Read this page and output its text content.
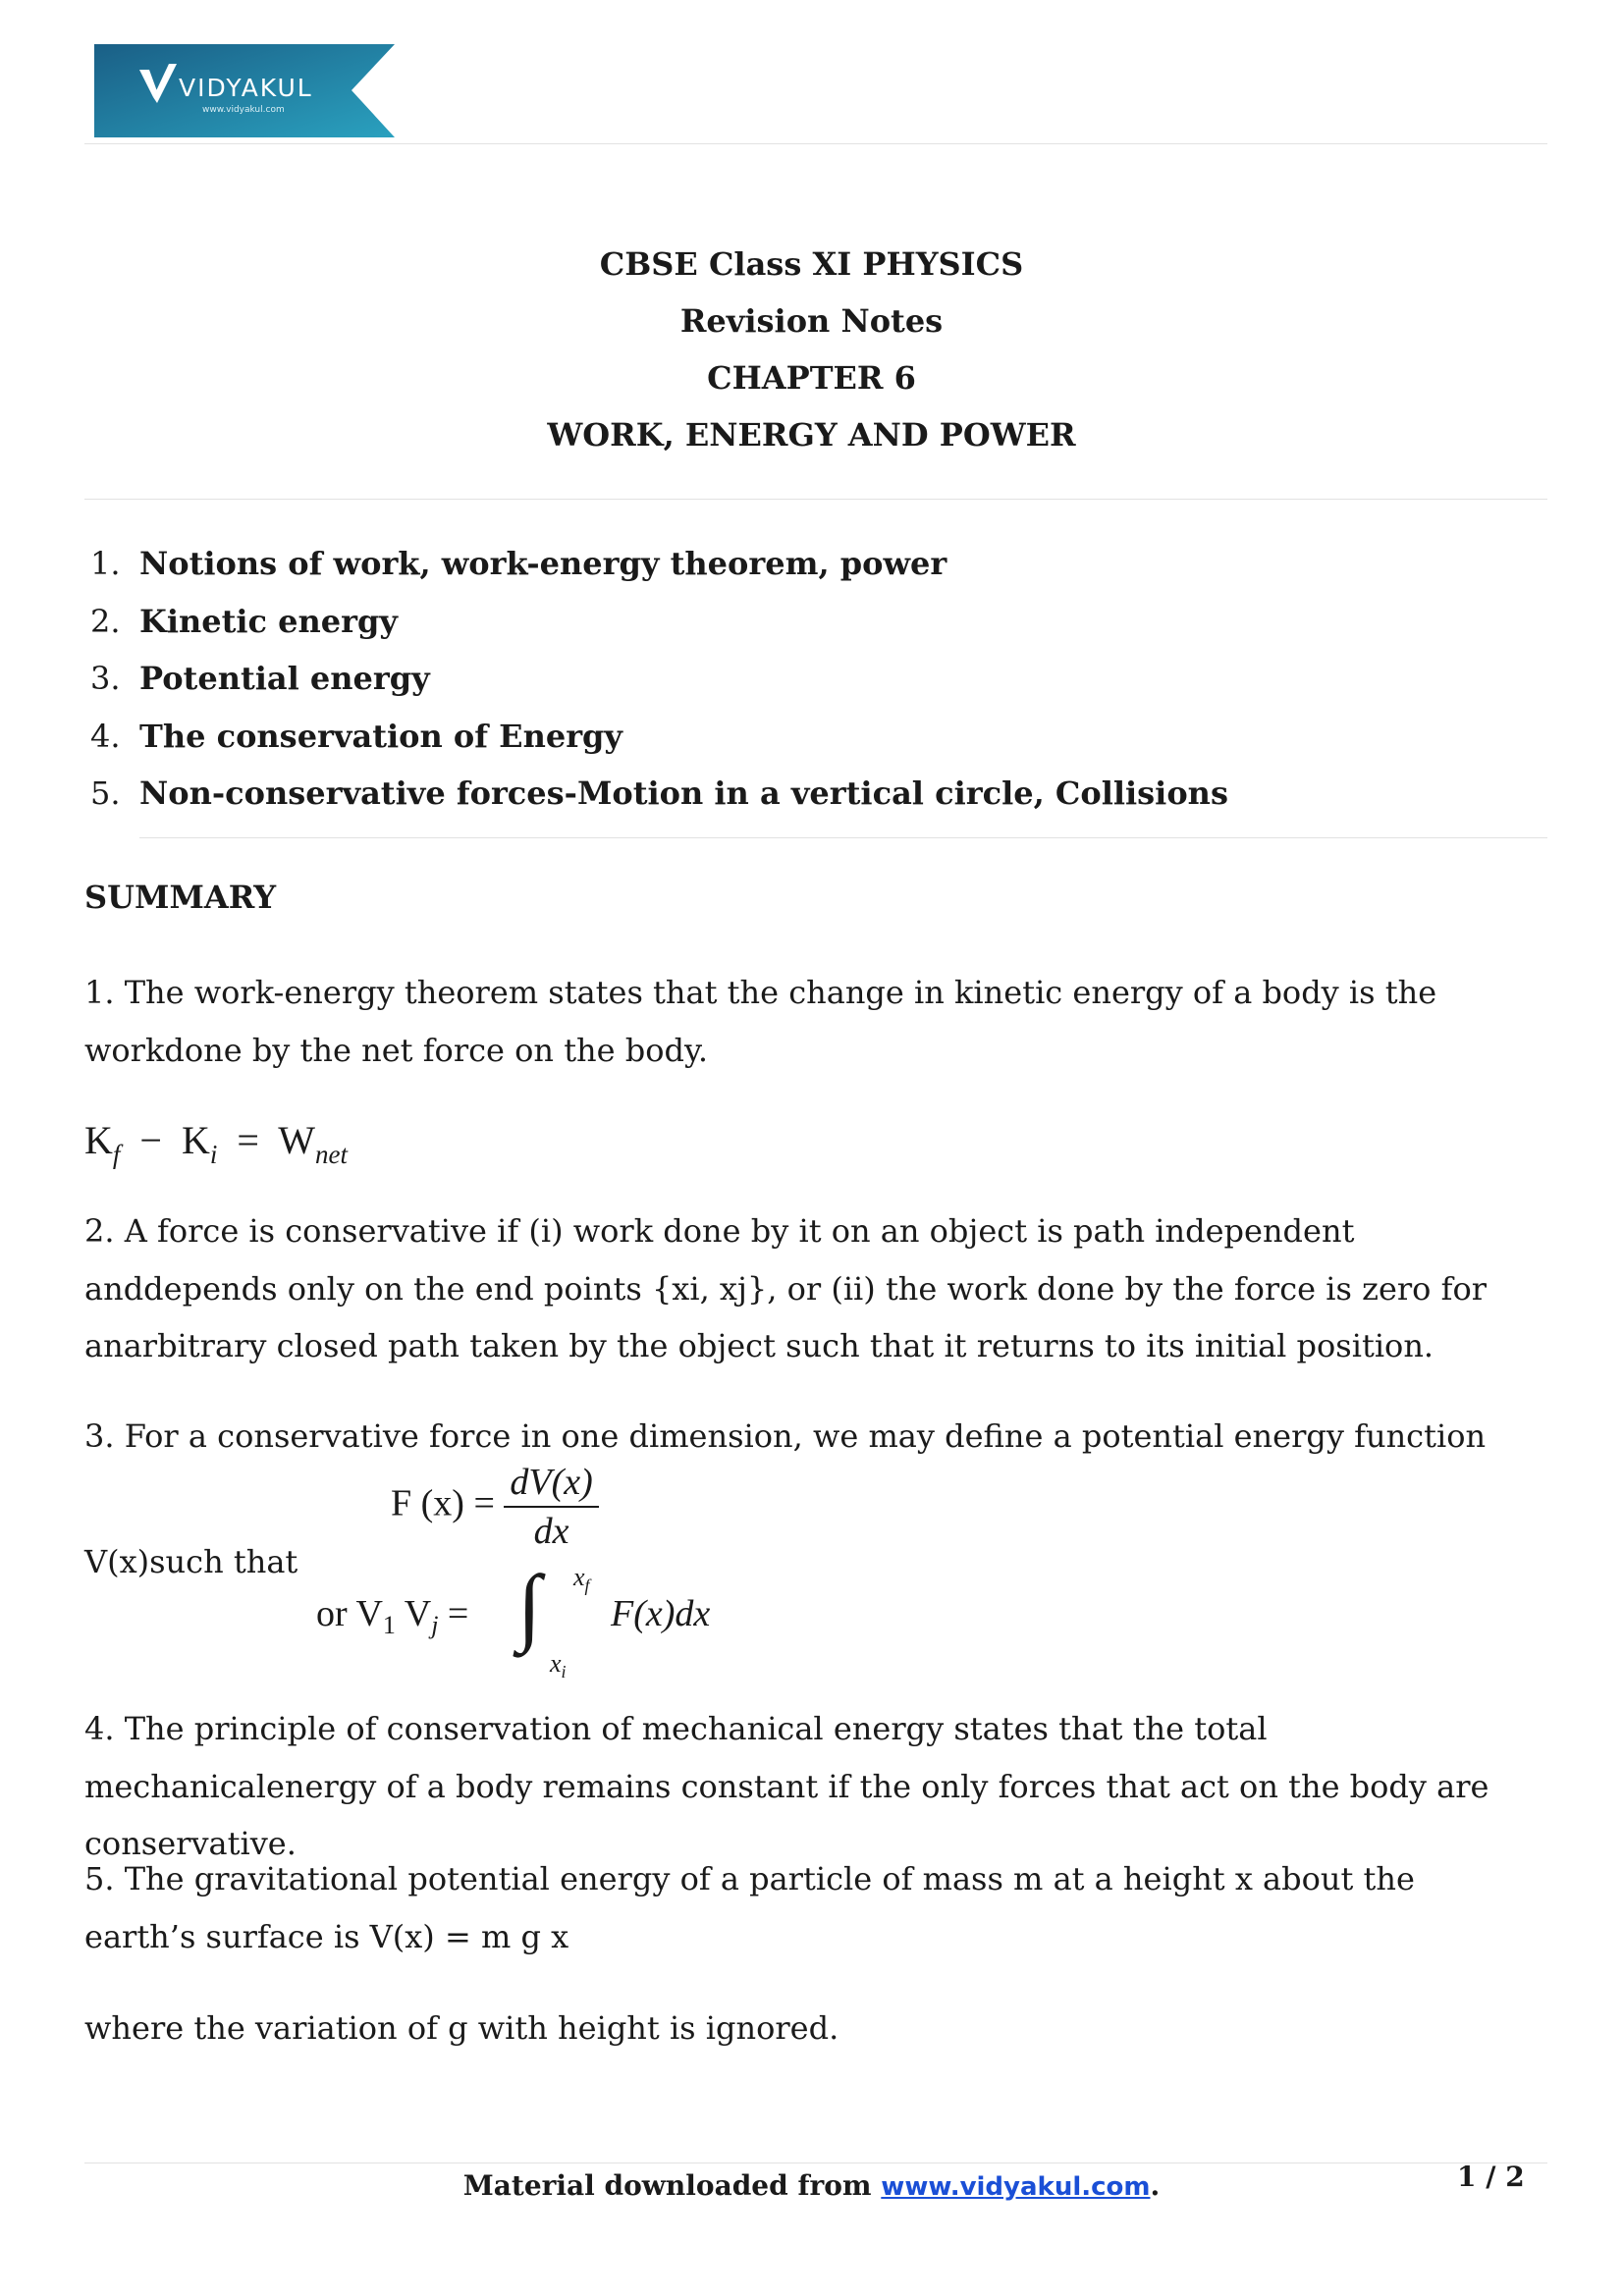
VIDYAKUL
www.vidyakul.com
CBSE Class XI PHYSICS
Revision Notes
CHAPTER 6
WORK, ENERGY AND POWER
1. Notions of work, work-energy theorem, power
2. Kinetic energy
3. Potential energy
4. The conservation of Energy
5. Non-conservative forces-Motion in a vertical circle, Collisions
SUMMARY

1. The work-energy theorem states that the change in kinetic energy of a body is the workdone by the net force on the body.

$K_f - K_i = W_{net}$

2. A force is conservative if (i) work done by it on an object is path independent anddepends only on the end points {xi, xj}, or (ii) the work done by the force is zero for anarbitrary closed path taken by the object such that it returns to its initial position.

3. For a conservative force in one dimension, we may define a potential energy function

F $(x) = \frac{dV(x)}{dx}$
V(x)such that
or $V_1$ $V_j$ = ∫ $x_f$
$x_i$
F(x)dx

4. The principle of conservation of mechanical energy states that the total mechanicalenergy of a body remains constant if the only forces that act on the body are conservative.

5. The gravitational potential energy of a particle of mass m at a height x about the earth’s surface is V(x) = m g x

where the variation of g with height is ignored.

Material downloaded from www.vidyakul.com.	1 / 2
